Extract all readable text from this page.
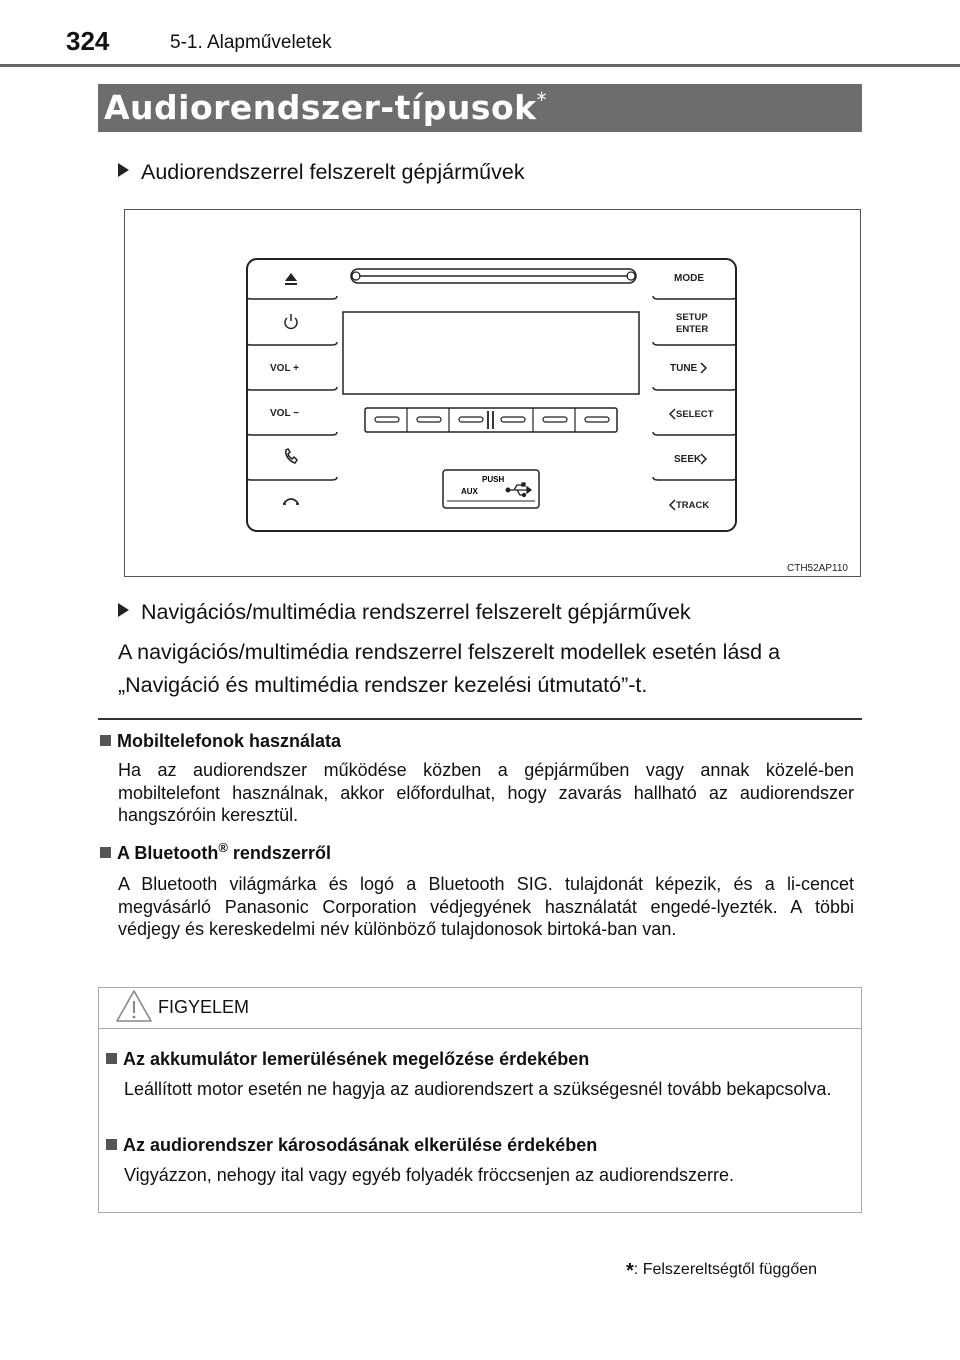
324	5-1. Alapműveletek
Audiorendszer-típusok*
Audiorendszerrel felszerelt gépjárművek
PUSH
AUX
VOL +
VOL −
MODE
SETUP
ENTER
TUNE
SELECT
SEEK
TRACK
CTH52AP110
Navigációs/multimédia rendszerrel felszerelt gépjárművek
A navigációs/multimédia rendszerrel felszerelt modellek esetén lásd a
„Navigáció és multimédia rendszer kezelési útmutató”-t.
Mobiltelefonok használata
Ha az audiorendszer működése közben a gépjárműben vagy annak közelé-ben mobiltelefont használnak, akkor előfordulhat, hogy zavarás hallható az audiorendszer hangszóróin keresztül.
A Bluetooth® rendszerről
A Bluetooth világmárka és logó a Bluetooth SIG. tulajdonát képezik, és a li-cencet megvásárló Panasonic Corporation védjegyének használatát engedé-lyezték. A többi védjegy és kereskedelmi név különböző tulajdonosok birtoká-ban van.
FIGYELEM
Az akkumulátor lemerülésének megelőzése érdekében
Leállított motor esetén ne hagyja az audiorendszert a szükségesnél tovább bekapcsolva.
Az audiorendszer károsodásának elkerülése érdekében
Vigyázzon, nehogy ital vagy egyéb folyadék fröccsenjen az audiorendszerre.
*: Felszereltségtől függően
